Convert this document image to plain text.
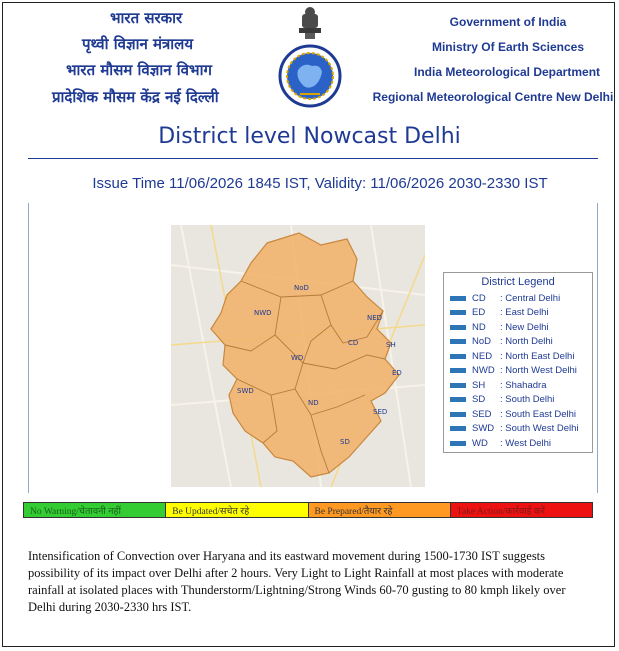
भारत सरकार
पृथ्वी विज्ञान मंत्रालय
भारत मौसम विज्ञान विभाग
प्रादेशिक मौसम केंद्र नई दिल्ली
Government of India
Ministry Of Earth Sciences
India Meteorological Department
Regional Meteorological Centre New Delhi
District level Nowcast Delhi
Issue Time 11/06/2026 1845 IST, Validity: 11/06/2026 2030-2330 IST
NoD
NWD
NED
CD	SH
WD
ED
SWD
ND
SED
SD
District Legend
CD	: Central Delhi
ED	: East Delhi
ND	: New Delhi
NoD : North Delhi
NED : North East Delhi
NWD : North West Delhi
SH	: Shahadra
SD	: South Delhi
SED : South East Delhi
SWD : South West Delhi
WD	: West Delhi
No Warning/चेतावनी नहीं	Be Updated/सचेत रहे	Be Prepared/तैयार रहे	Take Action/कार्रवाई करें
Intensification of Convection over Haryana and its eastward movement during 1500-1730 IST suggests possibility of its impact over Delhi after 2 hours. Very Light to Light Rainfall at most places with moderate rainfall at isolated places with Thunderstorm/Lightning/Strong Winds 60-70 gusting to 80 kmph likely over Delhi during 2030-2330 hrs IST.
